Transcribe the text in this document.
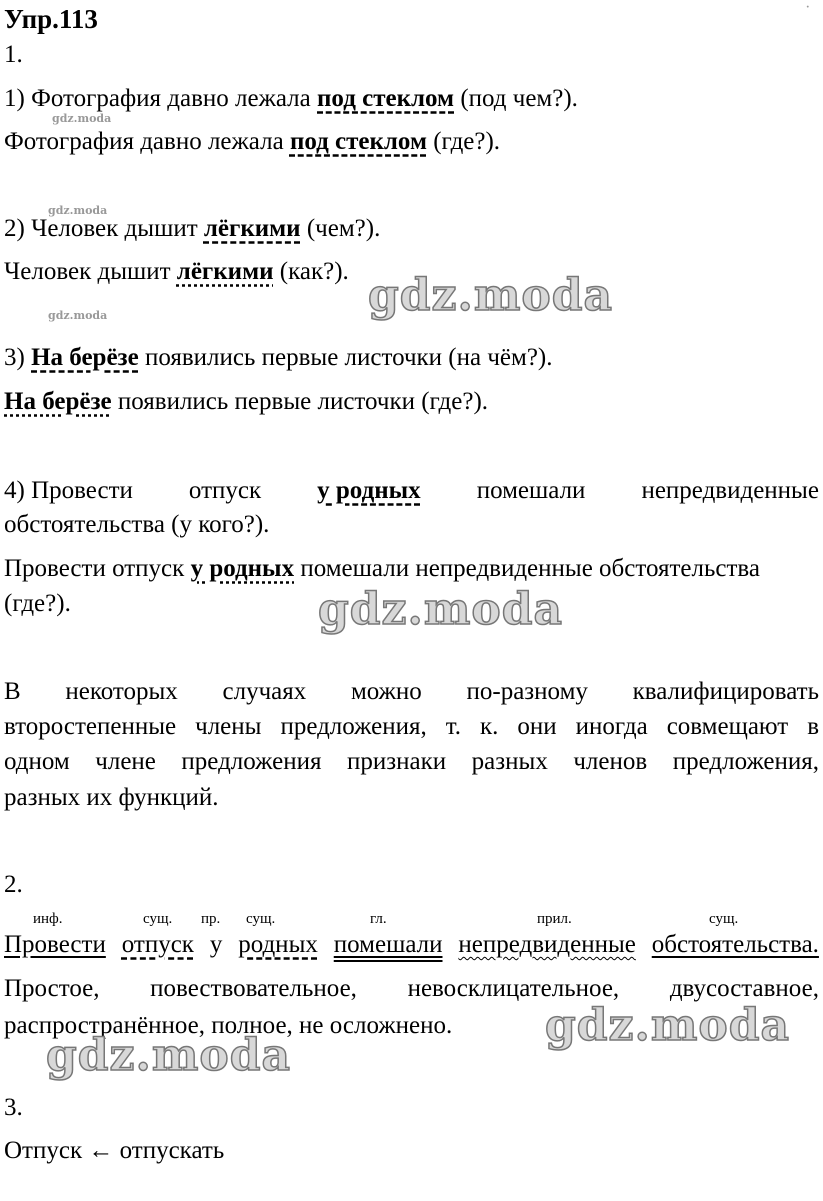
Упр.113	·
1.
1) Фотография давно лежала под стеклом (под чем?).
gdz.moda
Фотография давно лежала под стеклом (где?).
gdz.moda
2) Человек дышит лёгкими (чем?).
Человек дышит лёгкими (как?). gdz.moda
gdz.moda
3) На берёзе появились первые листочки (на чём?).
На берёзе появились первые листочки (где?).
4) Провести отпуск у родных помешали непредвиденные
обстоятельства (у кого?).
Провести отпуск у родных помешали непредвиденные обстоятельства
(где?).	gdz.moda
В некоторых случаях можно по-разному квалифицировать
второстепенные члены предложения, т. к. они иногда совмещают в
одном члене предложения признаки разных членов предложения,
разных их функций.
2.
инф.	сущ. пр. сущ.	гл.	прил.	сущ.
Провести отпуск у родных помешали непредвиденные обстоятельства.
Простое, повествовательное, невосклицательное, двусоставное,
распространённое, полное, не осложнено. gdz.moda
gdz.moda
3.
Отпуск ← отпускать
